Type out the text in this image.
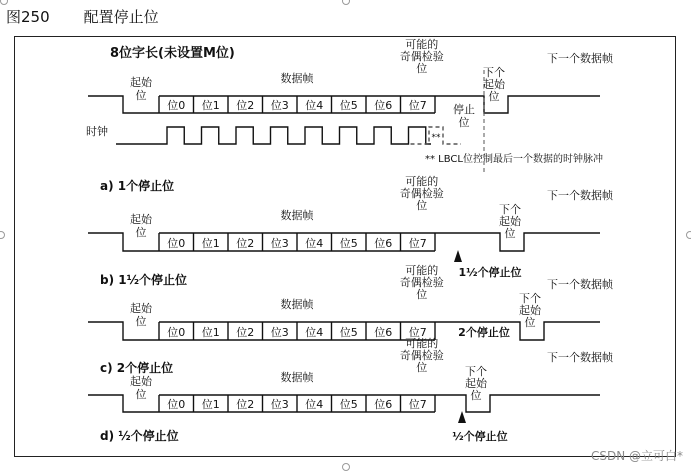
图250 配置停止位
8位字长(未设置M位)
位0 位1 位2 位3 位4 位5 位6 位7
起始
位
数据帧
可能的
奇偶检验
位	下个
起始
位
下一个数据帧
停止
位
时钟	**
** LBCL位控制最后一个数据的时钟脉冲
a) 1个停止位
位0 位1 位2 位3 位4 位5 位6 位7
起始
位
数据帧
可能的
奇偶检验
位	下个
起始
位
下一个数据帧
1½个停止位
b) 1½个停止位
位0 位1 位2 位3 位4 位5 位6 位7
起始
位
数据帧
可能的
奇偶检验
位	下个
起始
位
下一个数据帧
2个停止位
c) 2个停止位
位0 位1 位2 位3 位4 位5 位6 位7
起始
位
数据帧
可能的
奇偶检验
位	下个
起始
位
下一个数据帧
½个停止位
d) ½个停止位
CSDN @立可白*
